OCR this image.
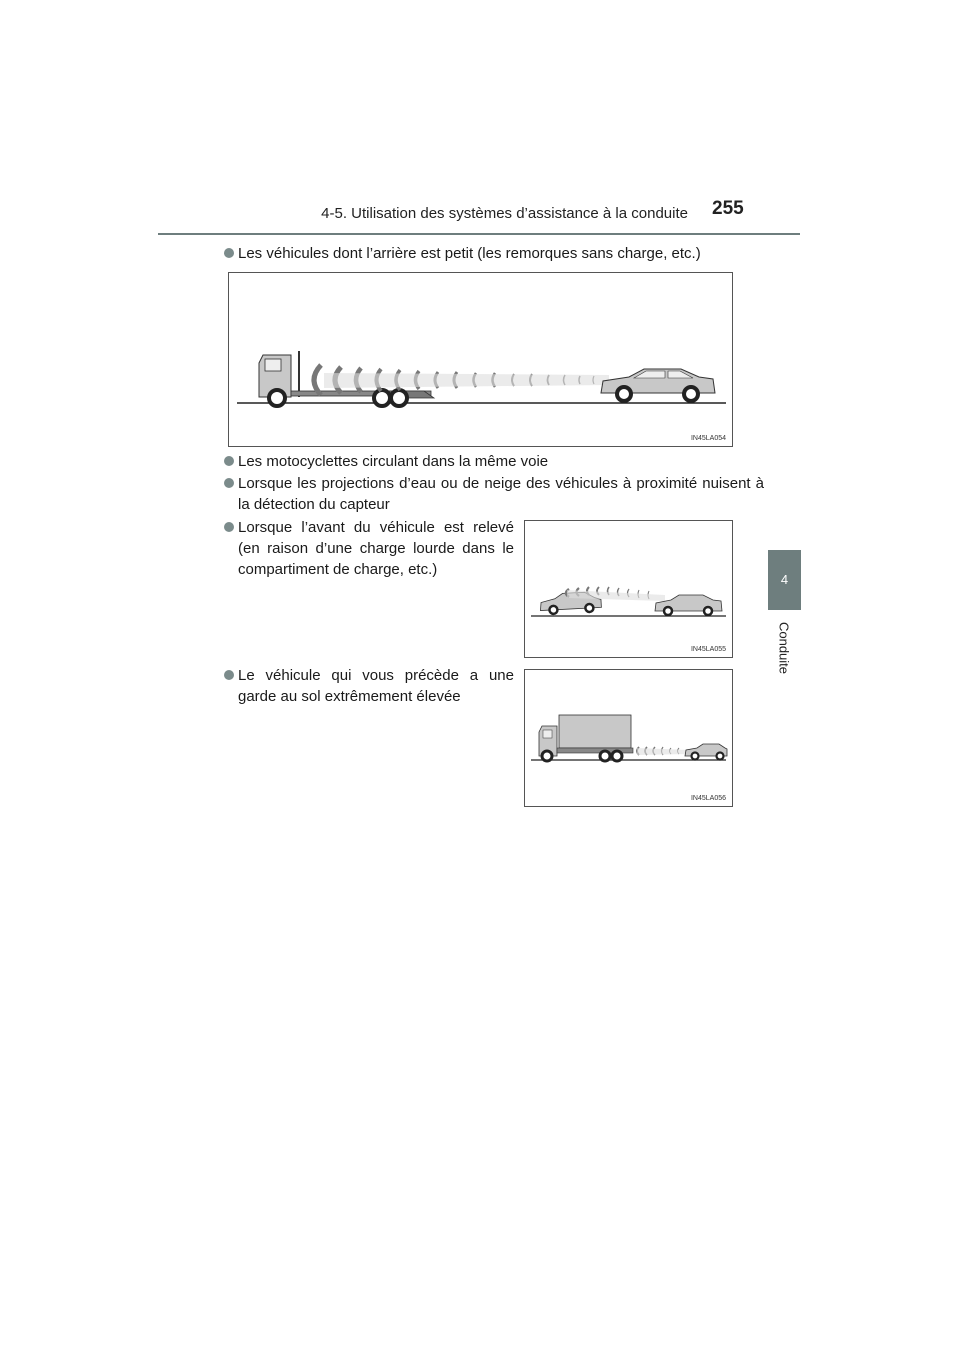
4-5. Utilisation des systèmes d’assistance à la conduite 255
4
Conduite
Les véhicules dont l’arrière est petit (les remorques sans charge, etc.)
IN45LA054
Les motocyclettes circulant dans la même voie
Lorsque les projections d’eau ou de neige des véhicules à proximité nuisent à la détection du capteur
Lorsque l’avant du véhicule est relevé (en raison d’une charge lourde dans le compartiment de charge, etc.)
IN45LA055
Le véhicule qui vous précède a une garde au sol extrêmement élevée
IN45LA056
